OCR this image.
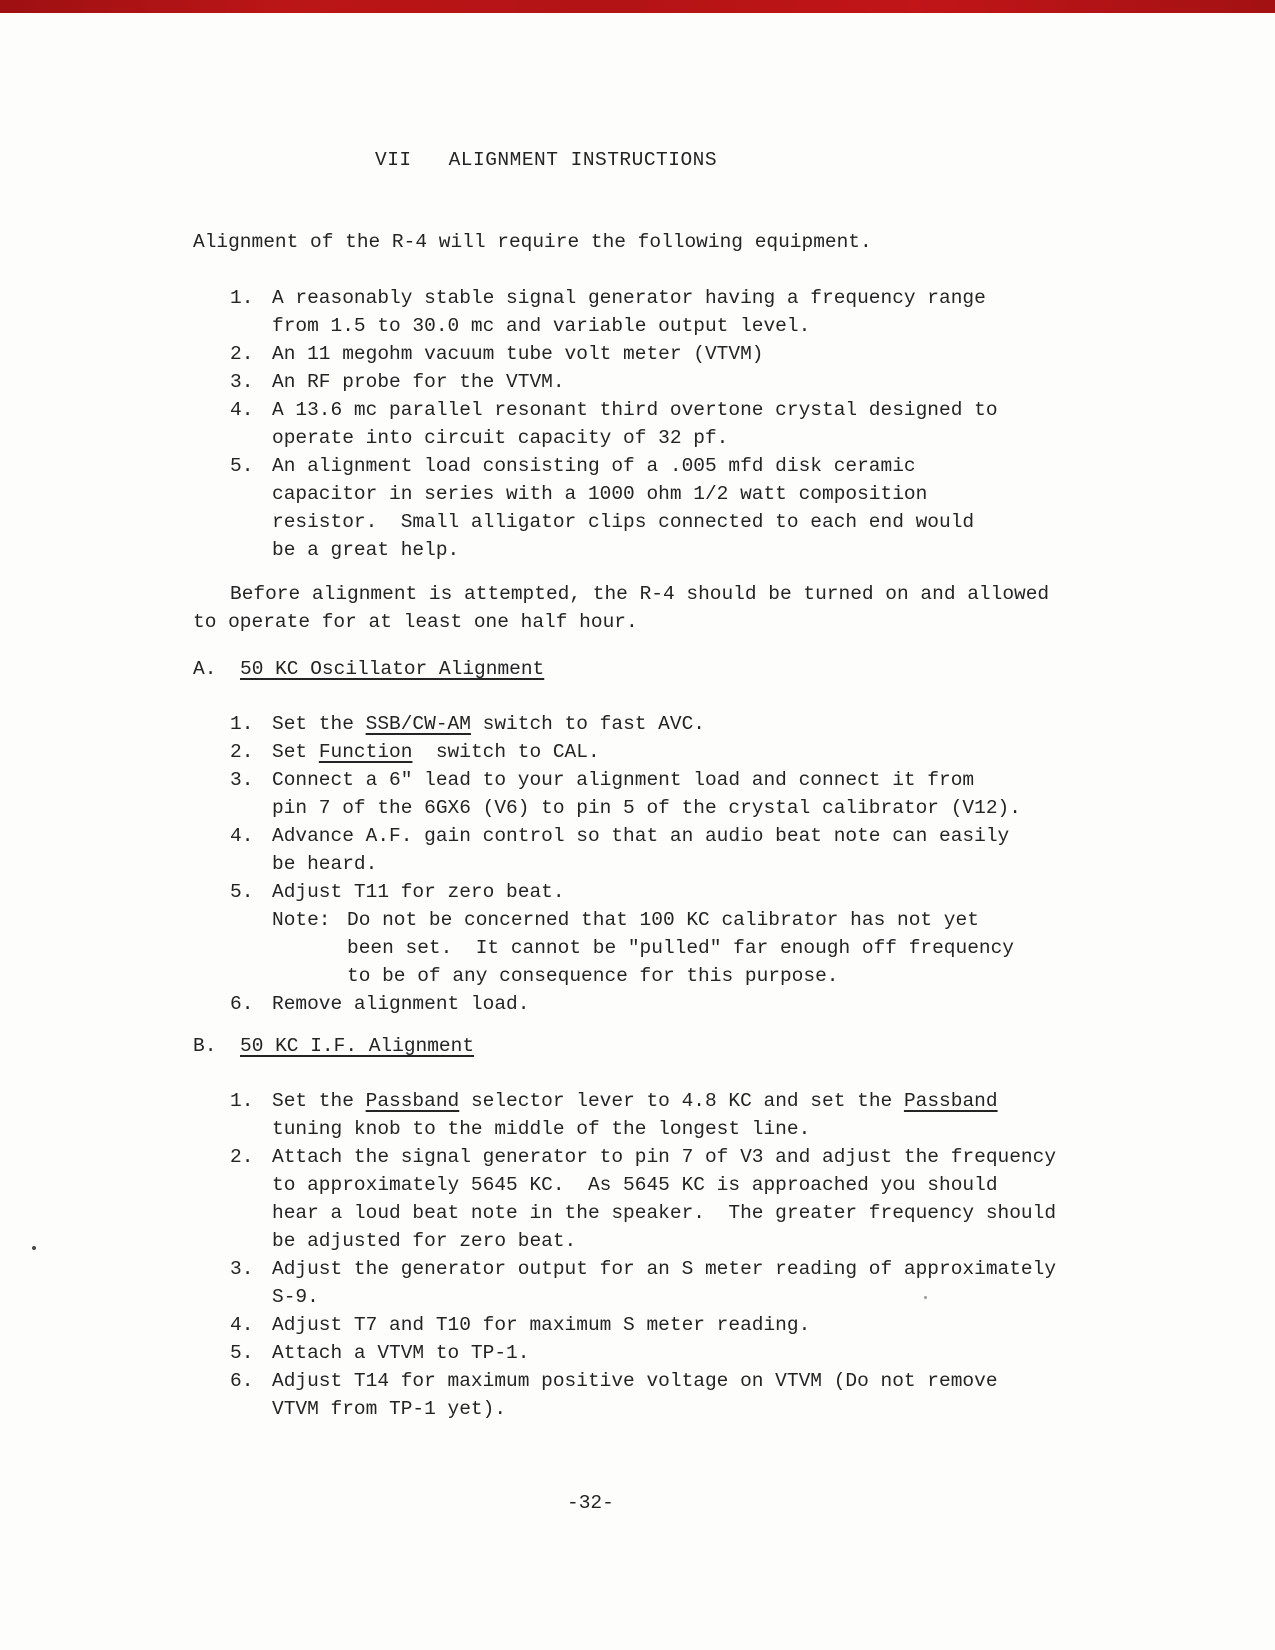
VII ALIGNMENT INSTRUCTIONS

Alignment of the R-4 will require the following equipment.

1. A reasonably stable signal generator having a frequency range
from 1.5 to 30.0 mc and variable output level.
2. An 11 megohm vacuum tube volt meter (VTVM)
3. An RF probe for the VTVM.
4. A 13.6 mc parallel resonant third overtone crystal designed to
operate into circuit capacity of 32 pf.
5. An alignment load consisting of a .005 mfd disk ceramic
capacitor in series with a 1000 ohm 1/2 watt composition
resistor.  Small alligator clips connected to each end would
be a great help.
Before alignment is attempted, the R-4 should be turned on and allowed
to operate for at least one half hour.
A. 50 KC Oscillator Alignment
1. Set the SSB/CW-AM switch to fast AVC.
2. Set Function  switch to CAL.
3. Connect a 6" lead to your alignment load and connect it from
pin 7 of the 6GX6 (V6) to pin 5 of the crystal calibrator (V12).
4. Advance A.F. gain control so that an audio beat note can easily
be heard.
5. Adjust T11 for zero beat.
Note: Do not be concerned that 100 KC calibrator has not yet
been set.  It cannot be "pulled" far enough off frequency
to be of any consequence for this purpose.
6. Remove alignment load.
B. 50 KC I.F. Alignment
1. Set the Passband selector lever to 4.8 KC and set the Passband
tuning knob to the middle of the longest line.
2. Attach the signal generator to pin 7 of V3 and adjust the frequency
to approximately 5645 KC.  As 5645 KC is approached you should
hear a loud beat note in the speaker.  The greater frequency should
be adjusted for zero beat.
3. Adjust the generator output for an S meter reading of approximately
S-9.
4. Adjust T7 and T10 for maximum S meter reading.
5. Attach a VTVM to TP-1.
6. Adjust T14 for maximum positive voltage on VTVM (Do not remove
VTVM from TP-1 yet).
-32-
